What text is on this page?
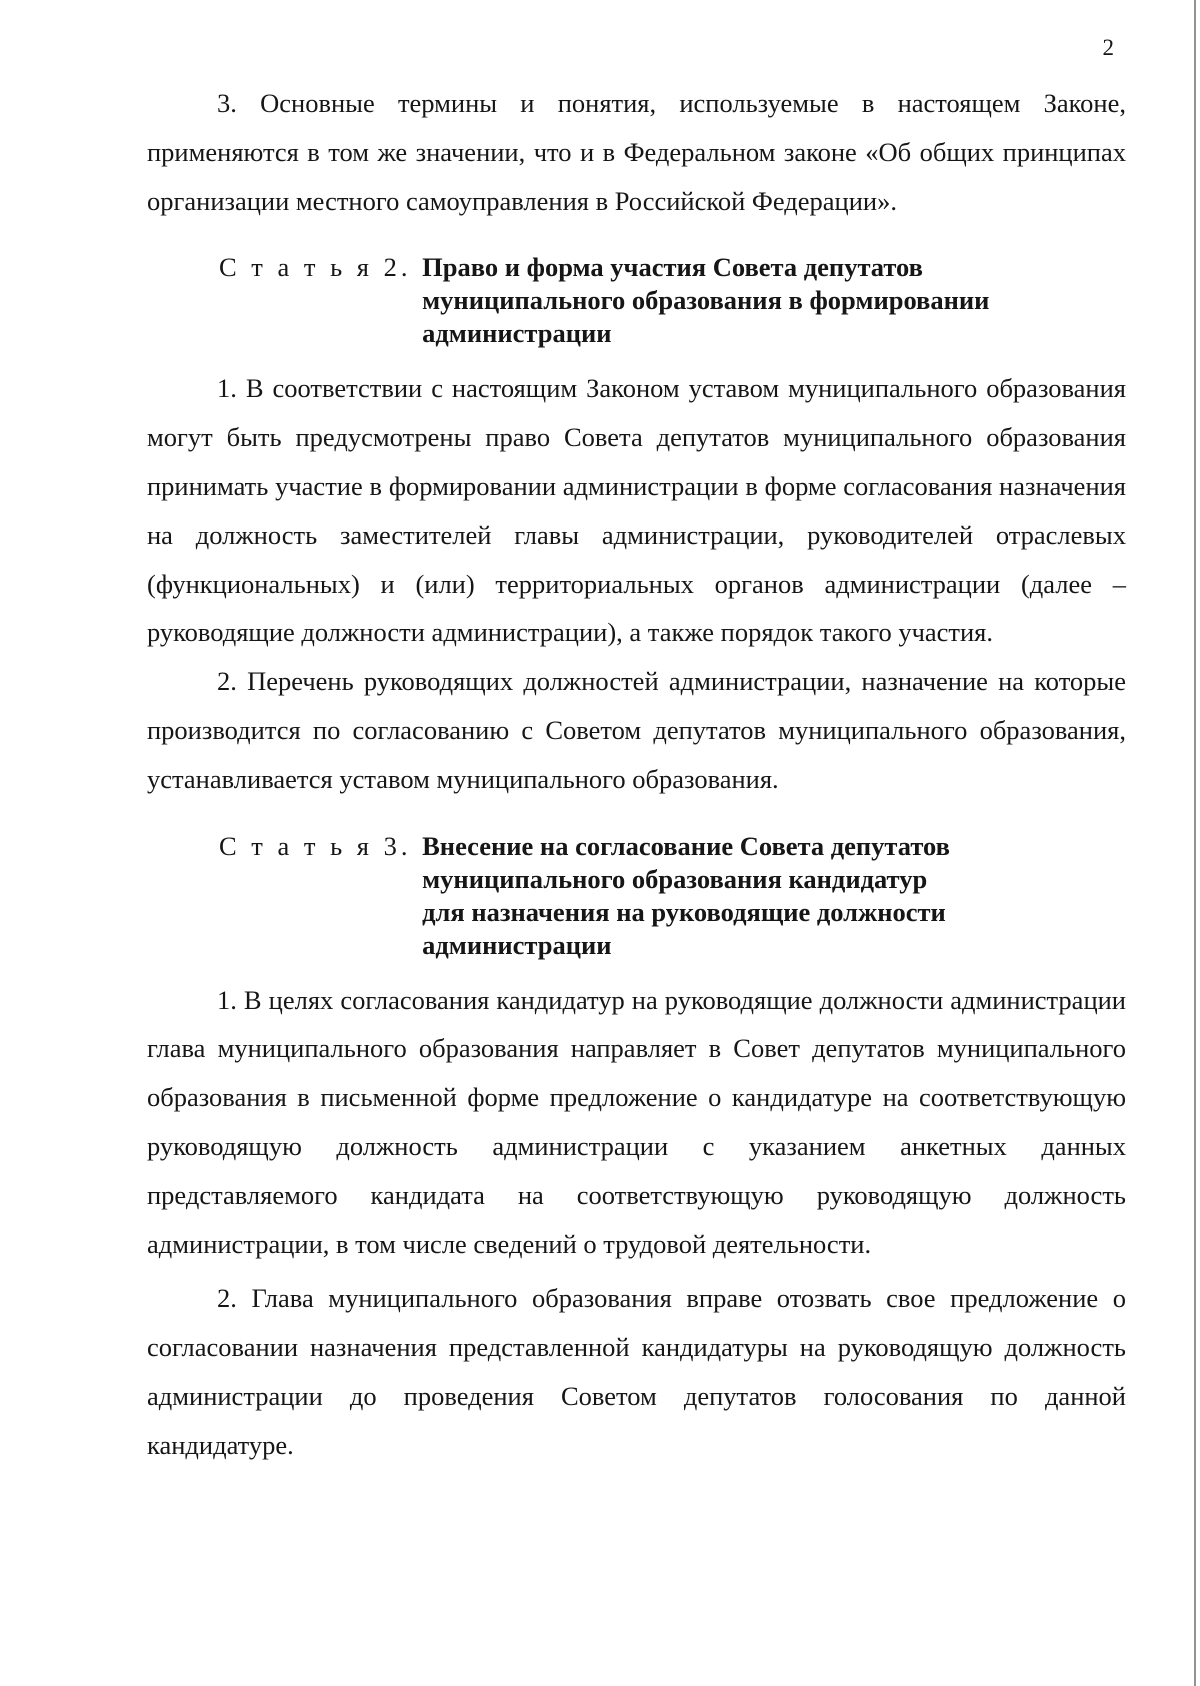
2

3. Основные термины и понятия, используемые в настоящем Законе, применяются в том же значении, что и в Федеральном законе «Об общих принципах организации местного самоуправления в Российской Федерации».

С т а т ь я 2. Право и форма участия Совета депутатов
муниципального образования в формировании
администрации

1. В соответствии с настоящим Законом уставом муниципального образования могут быть предусмотрены право Совета депутатов муниципального образования принимать участие в формировании администрации в форме согласования назначения на должность заместителей главы администрации, руководителей отраслевых (функциональных) и (или) территориальных органов администрации (далее – руководящие должности администрации), а также порядок такого участия.

2. Перечень руководящих должностей администрации, назначение на которые производится по согласованию с Советом депутатов муниципального образования, устанавливается уставом муниципального образования.

С т а т ь я 3. Внесение на согласование Совета депутатов
муниципального образования кандидатур
для назначения на руководящие должности
администрации

1. В целях согласования кандидатур на руководящие должности администрации глава муниципального образования направляет в Совет депутатов муниципального образования в письменной форме предложение о кандидатуре на соответствующую руководящую должность администрации с указанием анкетных данных представляемого кандидата на соответствующую руководящую должность администрации, в том числе сведений о трудовой деятельности.

2. Глава муниципального образования вправе отозвать свое предложение о согласовании назначения представленной кандидатуры на руководящую должность администрации до проведения Советом депутатов голосования по данной кандидатуре.
